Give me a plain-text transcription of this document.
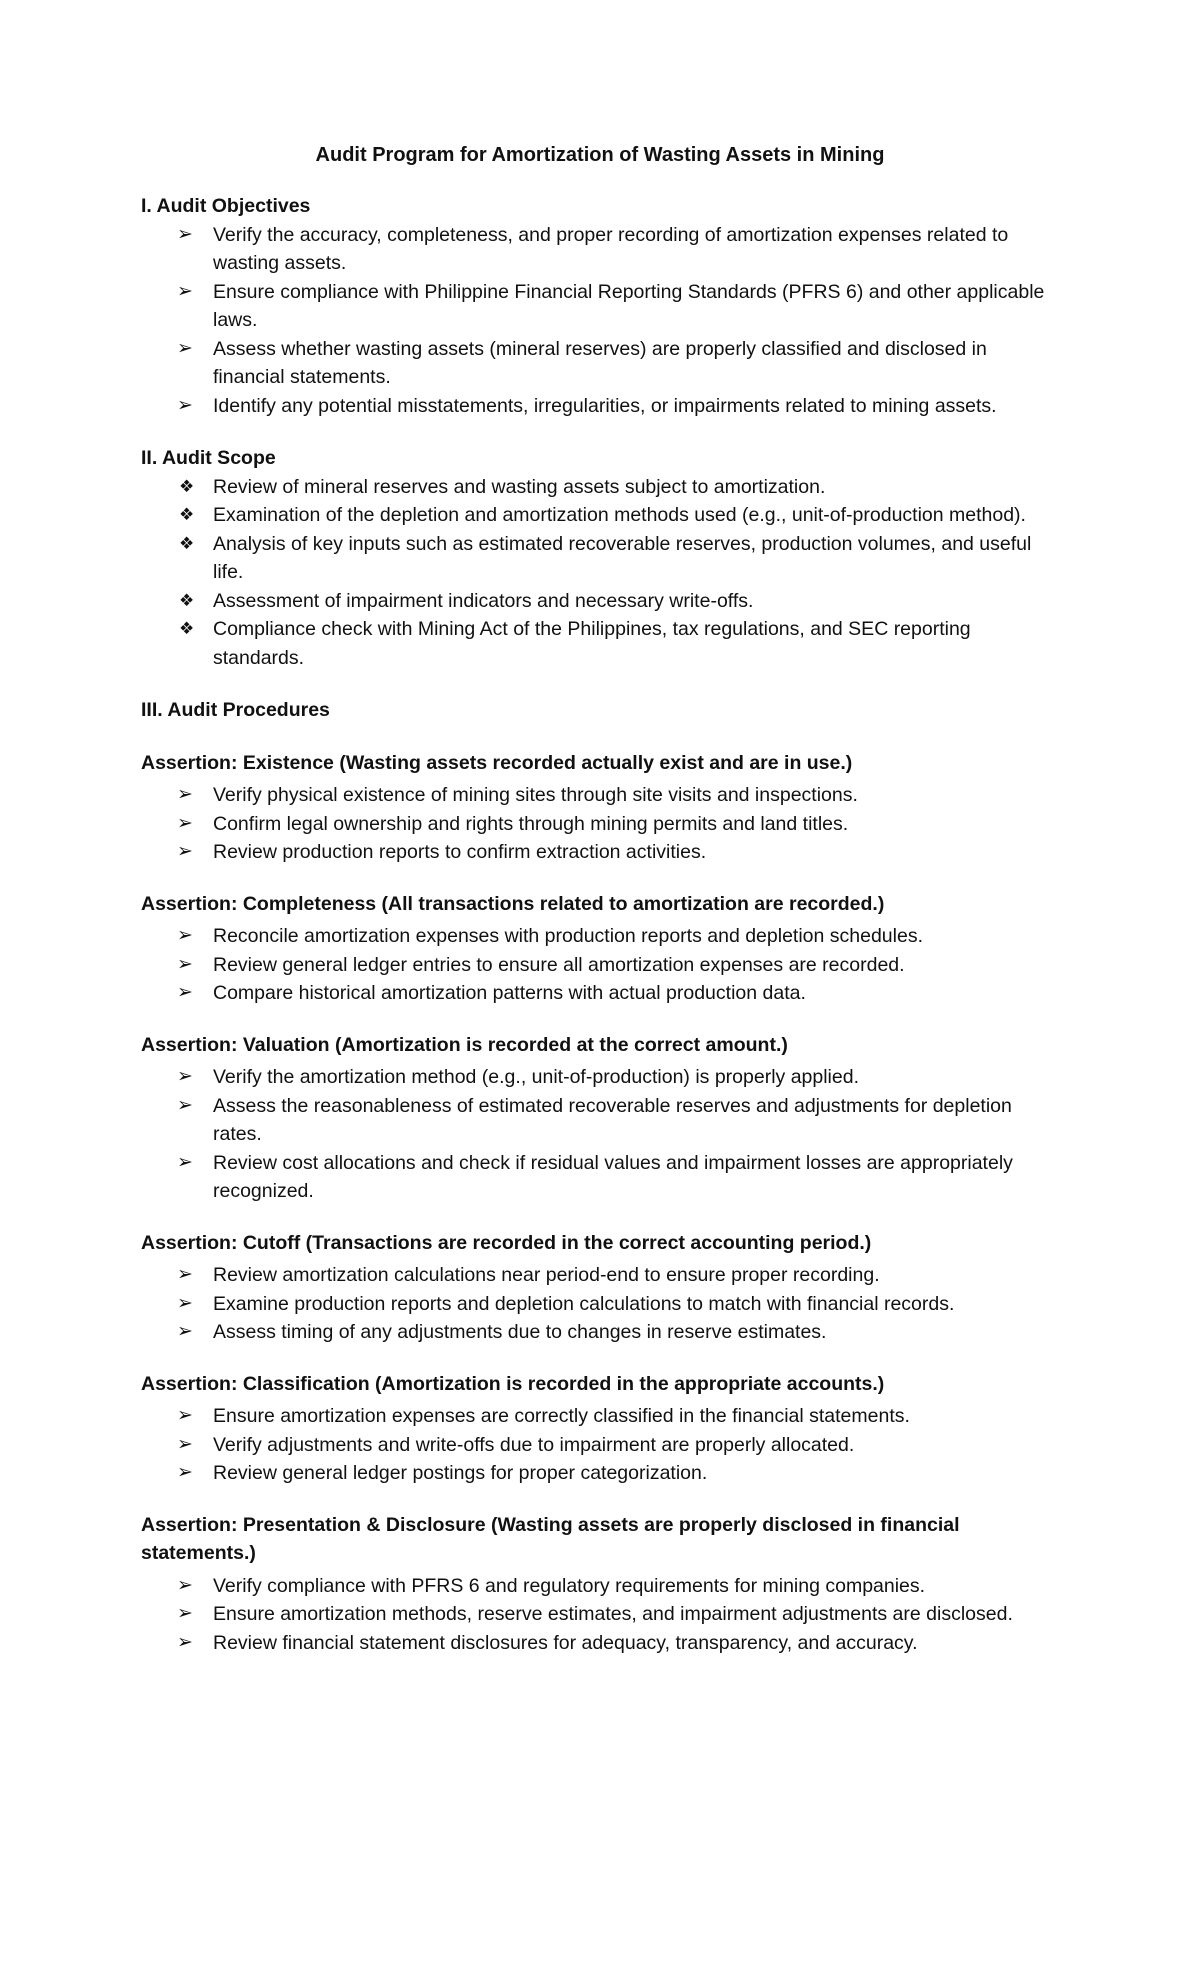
Audit Program for Amortization of Wasting Assets in Mining

I. Audit Objectives

➢	Verify the accuracy, completeness, and proper recording of amortization expenses related to wasting assets.
➢	Ensure compliance with Philippine Financial Reporting Standards (PFRS 6) and other applicable laws.
➢	Assess whether wasting assets (mineral reserves) are properly classified and disclosed in financial statements.
➢	Identify any potential misstatements, irregularities, or impairments related to mining assets.

II. Audit Scope

❖ Review of mineral reserves and wasting assets subject to amortization.
❖ Examination of the depletion and amortization methods used (e.g., unit-of-production method).
❖ Analysis of key inputs such as estimated recoverable reserves, production volumes, and useful life.
❖ Assessment of impairment indicators and necessary write-offs.
❖ Compliance check with Mining Act of the Philippines, tax regulations, and SEC reporting standards.

III. Audit Procedures

Assertion: Existence (Wasting assets recorded actually exist and are in use.)

➢	Verify physical existence of mining sites through site visits and inspections.
➢	Confirm legal ownership and rights through mining permits and land titles.
➢	Review production reports to confirm extraction activities.

Assertion: Completeness (All transactions related to amortization are recorded.)

➢	Reconcile amortization expenses with production reports and depletion schedules.
➢	Review general ledger entries to ensure all amortization expenses are recorded.
➢	Compare historical amortization patterns with actual production data.

Assertion: Valuation (Amortization is recorded at the correct amount.)

➢	Verify the amortization method (e.g., unit-of-production) is properly applied.
➢	Assess the reasonableness of estimated recoverable reserves and adjustments for depletion rates.
➢	Review cost allocations and check if residual values and impairment losses are appropriately recognized.

Assertion: Cutoff (Transactions are recorded in the correct accounting period.)

➢	Review amortization calculations near period-end to ensure proper recording.
➢	Examine production reports and depletion calculations to match with financial records.
➢	Assess timing of any adjustments due to changes in reserve estimates.

Assertion: Classification (Amortization is recorded in the appropriate accounts.)

➢	Ensure amortization expenses are correctly classified in the financial statements.
➢	Verify adjustments and write-offs due to impairment are properly allocated.
➢	Review general ledger postings for proper categorization.

Assertion: Presentation & Disclosure (Wasting assets are properly disclosed in financial statements.)

➢	Verify compliance with PFRS 6 and regulatory requirements for mining companies.
➢	Ensure amortization methods, reserve estimates, and impairment adjustments are disclosed.
➢	Review financial statement disclosures for adequacy, transparency, and accuracy.
